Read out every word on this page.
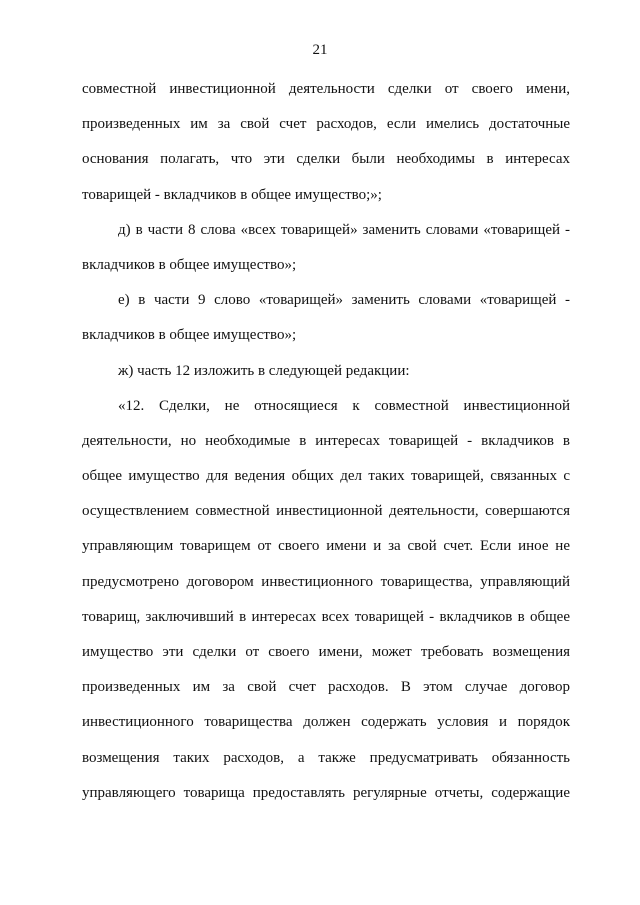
21
совместной инвестиционной деятельности сделки от своего имени,
произведенных им за свой счет расходов, если имелись достаточные
основания полагать, что эти сделки были необходимы в интересах
товарищей - вкладчиков в общее имущество;»;
д) в части 8 слова «всех товарищей» заменить словами «товарищей -
вкладчиков в общее имущество»;
е) в части 9 слово «товарищей» заменить словами «товарищей -
вкладчиков в общее имущество»;
ж) часть 12 изложить в следующей редакции:
«12. Сделки, не относящиеся к совместной инвестиционной
деятельности, но необходимые в интересах товарищей - вкладчиков в
общее имущество для ведения общих дел таких товарищей, связанных с
осуществлением совместной инвестиционной деятельности, совершаются
управляющим товарищем от своего имени и за свой счет. Если иное не
предусмотрено договором инвестиционного товарищества, управляющий
товарищ, заключивший в интересах всех товарищей - вкладчиков в общее
имущество эти сделки от своего имени, может требовать возмещения
произведенных им за свой счет расходов. В этом случае договор
инвестиционного товарищества должен содержать условия и порядок
возмещения таких расходов, а также предусматривать обязанность
управляющего товарища предоставлять регулярные отчеты, содержащие
